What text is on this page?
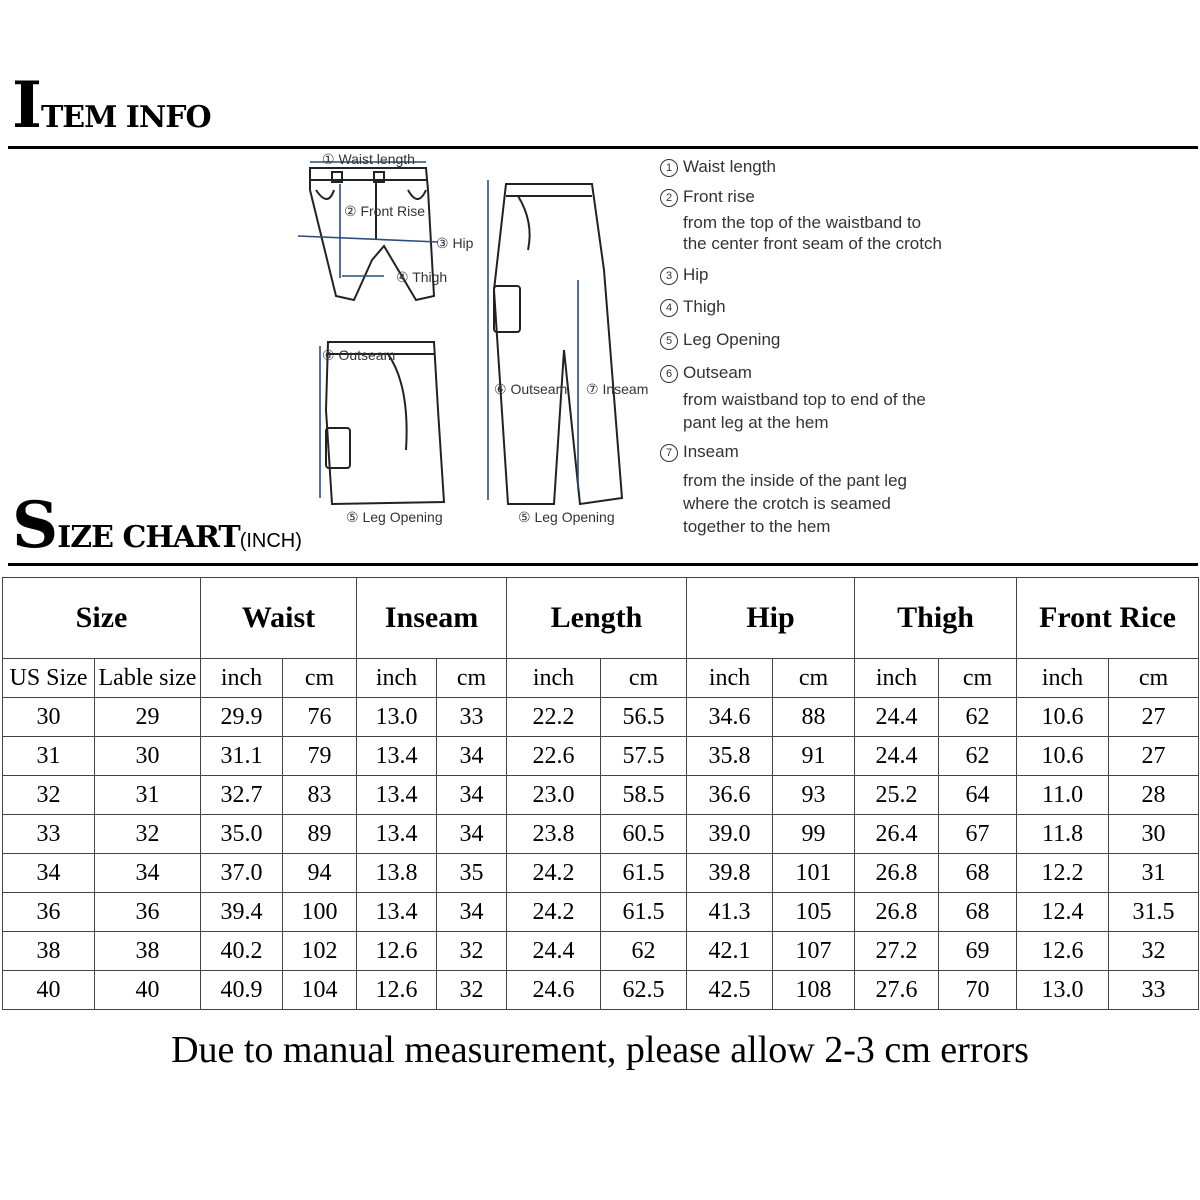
ITEM INFO
① Waist length
② Front Rise
③ Hip
④ Thigh
⑥ Outseam
⑤ Leg Opening
⑥ Outseam ⑦ Inseam
⑤ Leg Opening
1 Waist length
2 Front rise
from the top of the waistband to
the center front seam of the crotch
3 Hip
4 Thigh
5 Leg Opening
6 Outseam
from waistband top to end of the
pant leg at the hem
7 Inseam
from the inside of the pant leg
where the crotch is seamed
together to the hem
SIZE CHART(INCH)
Size		Waist		Inseam		Length		Hip		Thigh		Front Rice	
US Size	Lable size	inch	cm	inch	cm	inch	cm	inch	cm	inch	cm	inch	cm
30	29	29.9	76	13.0	33	22.2	56.5	34.6	88	24.4	62	10.6	27
31	30	31.1	79	13.4	34	22.6	57.5	35.8	91	24.4	62	10.6	27
32	31	32.7	83	13.4	34	23.0	58.5	36.6	93	25.2	64	11.0	28
33	32	35.0	89	13.4	34	23.8	60.5	39.0	99	26.4	67	11.8	30
34	34	37.0	94	13.8	35	24.2	61.5	39.8	101	26.8	68	12.2	31
36	36	39.4	100	13.4	34	24.2	61.5	41.3	105	26.8	68	12.4	31.5
38	38	40.2	102	12.6	32	24.4	62	42.1	107	27.2	69	12.6	32
40	40	40.9	104	12.6	32	24.6	62.5	42.5	108	27.6	70	13.0	33
Due to manual measurement, please allow 2-3 cm errors
